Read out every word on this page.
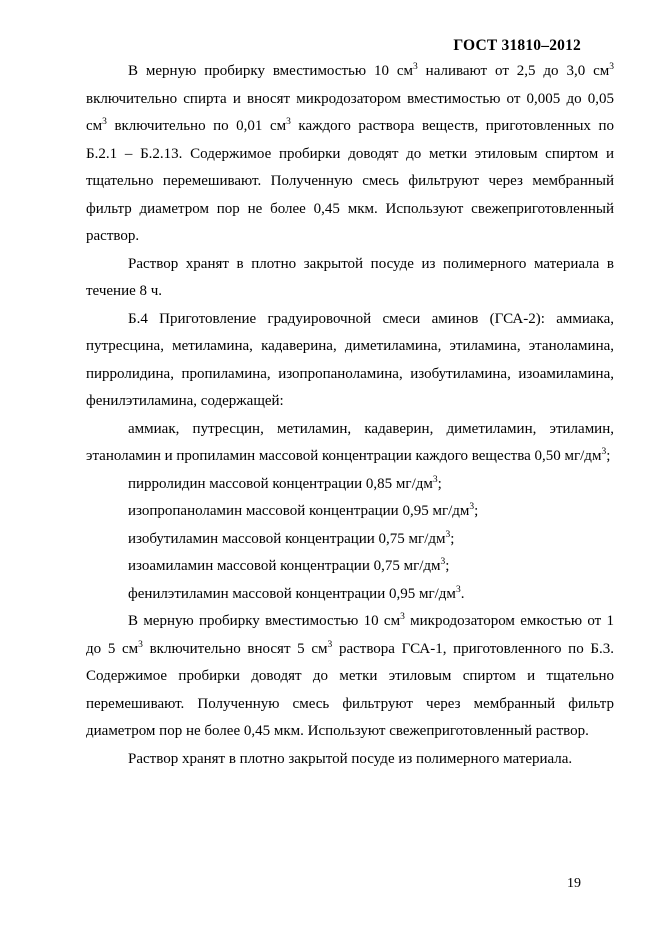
ГОСТ 31810–2012

В мерную пробирку вместимостью 10 $см^3$ наливают от 2,5 до 3,0 $см^3$ включительно спирта и вносят микродозатором вместимостью от 0,005 до 0,05 $см^3$ включительно по 0,01 $см^3$ каждого раствора веществ, приготовленных по Б.2.1 – Б.2.13. Содержимое пробирки доводят до метки этиловым спиртом и тщательно перемешивают. Полученную смесь фильтруют через мембранный фильтр диаметром пор не более 0,45 мкм. Используют свежеприготовленный раствор.

Раствор хранят в плотно закрытой посуде из полимерного материала в течение 8 ч.

Б.4 Приготовление градуировочной смеси аминов (ГСА-2): аммиака, путресцина, метиламина, кадаверина, диметиламина, этиламина, этаноламина, пирролидина, пропиламина, изопропаноламина, изобутиламина, изоамиламина, фенилэтиламина, содержащей:

аммиак, путресцин, метиламин, кадаверин, диметиламин, этиламин, этаноламин и пропиламин массовой концентрации каждого вещества 0,50 $мг/дм^3$;

пирролидин массовой концентрации 0,85 $мг/дм^3$;

изопропаноламин массовой концентрации 0,95 $мг/дм^3$;

изобутиламин массовой концентрации 0,75 $мг/дм^3$;

изоамиламин массовой концентрации 0,75 $мг/дм^3$;

фенилэтиламин массовой концентрации 0,95 $мг/дм^3$.

В мерную пробирку вместимостью 10 $см^3$ микродозатором емкостью от 1 до 5 $см^3$ включительно вносят 5 $см^3$ раствора ГСА-1, приготовленного по Б.3. Содержимое пробирки доводят до метки этиловым спиртом и тщательно перемешивают. Полученную смесь фильтруют через мембранный фильтр диаметром пор не более 0,45 мкм. Используют свежеприготовленный раствор.

Раствор хранят в плотно закрытой посуде из полимерного материала.

19
